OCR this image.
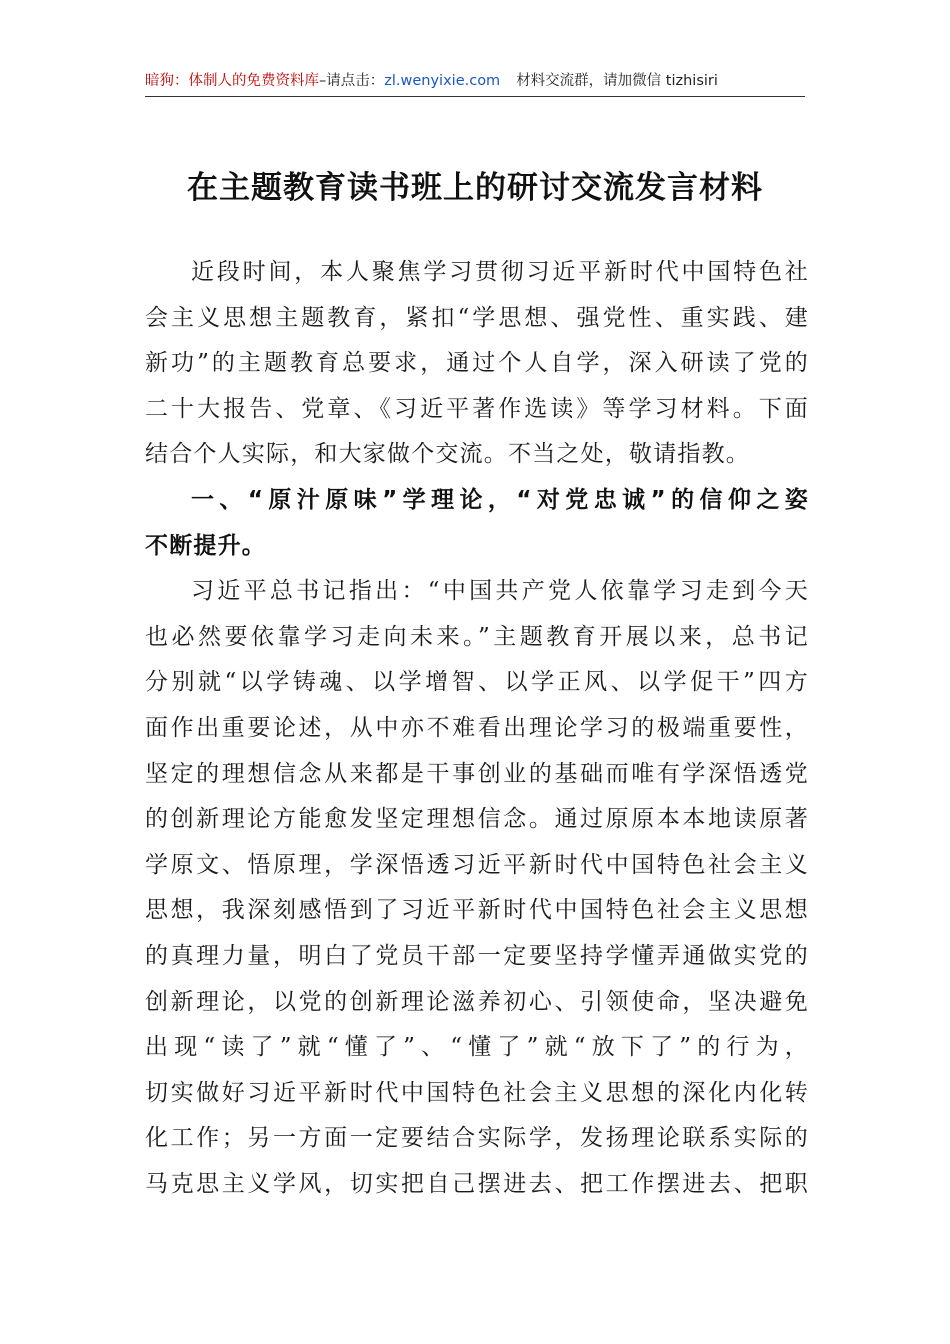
暗狗：体制人的免费资料库–请点击：zl.wenyixie.com 材料交流群，请加微信 tizhisiri
在主题教育读书班上的研讨交流发言材料
近段时间，本人聚焦学习贯彻习近平新时代中国特色社
会主义思想主题教育，紧扣“学思想、强党性、重实践、建
新功”的主题教育总要求，通过个人自学，深入研读了党的
二十大报告、党章、《习近平著作选读》等学习材料。下面
结合个人实际，和大家做个交流。不当之处，敬请指教。
一、“原汁原味”学理论，“对党忠诚”的信仰之姿
不断提升。
习近平总书记指出：“中国共产党人依靠学习走到今天
也必然要依靠学习走向未来。”主题教育开展以来，总书记
分别就“以学铸魂、以学增智、以学正风、以学促干”四方
面作出重要论述，从中亦不难看出理论学习的极端重要性，
坚定的理想信念从来都是干事创业的基础而唯有学深悟透党
的创新理论方能愈发坚定理想信念。通过原原本本地读原著
学原文、悟原理，学深悟透习近平新时代中国特色社会主义
思想，我深刻感悟到了习近平新时代中国特色社会主义思想
的真理力量，明白了党员干部一定要坚持学懂弄通做实党的
创新理论，以党的创新理论滋养初心、引领使命，坚决避免
出现“读了”就“懂了”、“懂了”就“放下了”的行为，
切实做好习近平新时代中国特色社会主义思想的深化内化转
化工作；另一方面一定要结合实际学，发扬理论联系实际的
马克思主义学风，切实把自己摆进去、把工作摆进去、把职
